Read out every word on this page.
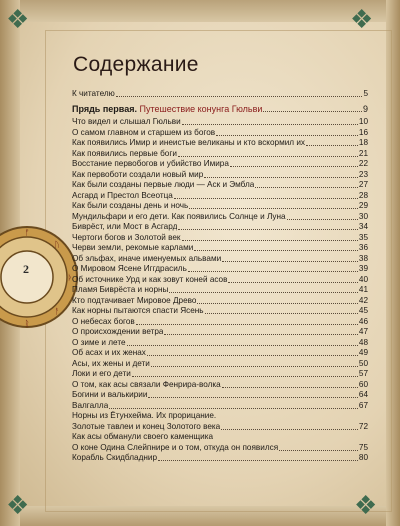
❖	❖
❖	❖
ᚠ
ᚢ
ᚦ
ᚨ
ᚱ
2
Содержание
К читателю	5
Прядь первая. Путешествие конунга Гюльви	9
Что видел и слышал Гюльви	10
О самом главном и старшем из богов	16
Как появились Имир и инеистые великаны и кто вскормил их	18
Как появились первые боги	21
Восстание первобогов и убийство Имира	22
Как первоботи создали новый мир	23
Как были созданы первые люди — Аск и Эмбла	27
Асгард и Престол Всеотца	28
Как были созданы день и ночь	29
Мундильфари и его дети. Как появились Солнце и Луна	30
Биврёст, или Мост в Асгард	34
Чертоги богов и Золотой век	35
Черви земли, рекомые карлами	36
Об эльфах, иначе именуемых альвами	38
О Мировом Ясене Иггдрасиль	39
Об источнике Урд и как зовут коней асов	40
Пламя Биврёста и норны	41
Кто подтачивает Мировое Древо	42
Как норны пытаются спасти Ясень	45
О небесах богов	46
О происхождении ветра	47
О зиме и лете	48
Об асах и их женах	49
Асы, их жены и дети	50
Локи и его дети	57
О том, как асы связали Фенрира-волка	60
Богини и валькирии	64
Валгалла	67
Норны из Ётунхейма. Их прорицание.
Золотые тавлеи и конец Золотого века	72
Как асы обманули своего каменщика
О коне Одина Слейпнире и о том, откуда он появился	75
Корабль Скидбладнир	80
